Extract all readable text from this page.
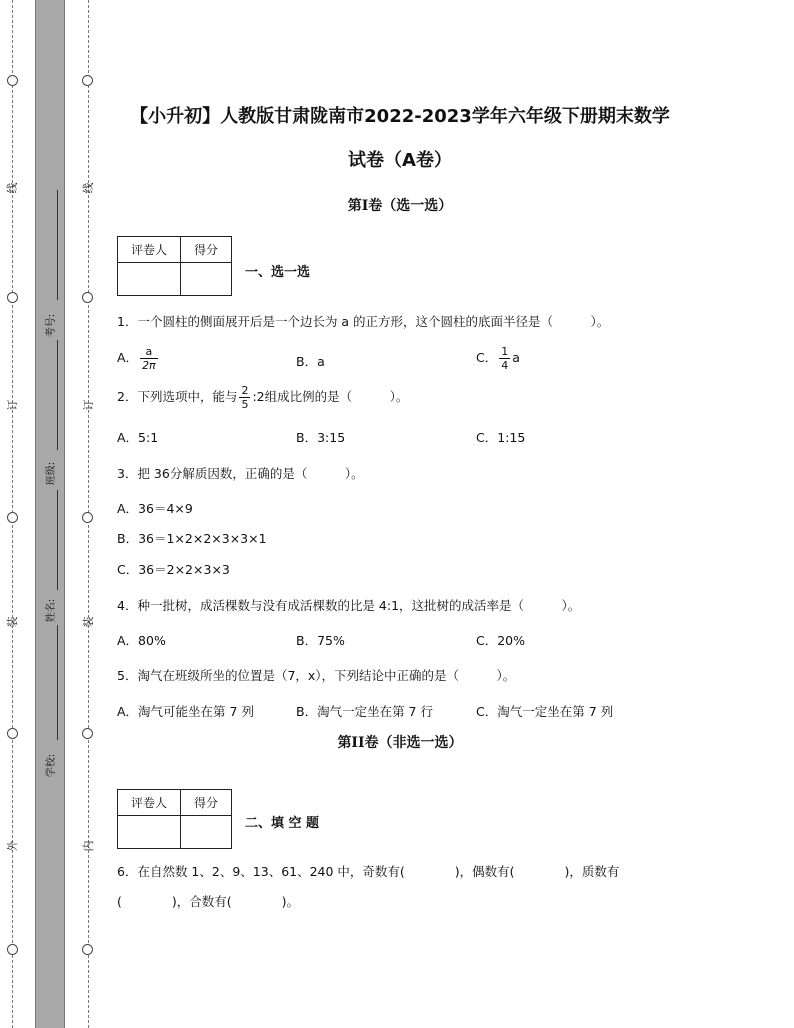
线
订
装
外
线
订
装
内
考号:
班级:
姓名:
学校:
【小升初】人教版甘肃陇南市2022-2023学年六年级下册期末数学
试卷（A卷）
第I卷（选一选）
评卷人	得分

一、选一选
1．一个圆柱的侧面展开后是一个边长为 a 的正方形，这个圆柱的底面半径是（　　　）。
A． $\frac{a}{2\pi}$	B．a	C． $\frac{1}{4}$ a
2．下列选项中，能与 $\frac{2}{5}$ :2组成比例的是（　　　）。
A．5:1	B．3:15	C．1:15
3．把 36分解质因数，正确的是（　　　）。
A．36＝4×9
B．36＝1×2×2×3×3×1
C．36＝2×2×3×3
4．种一批树，成活棵数与没有成活棵数的比是 4:1，这批树的成活率是（　　　）。
A．80%	B．75%	C．20%
5．淘气在班级所坐的位置是（7，x），下列结论中正确的是（　　　）。
A．淘气可能坐在第 7 列	B．淘气一定坐在第 7 行	C．淘气一定坐在第 7 列
第II卷（非选一选）
评卷人	得分

二、填 空 题
6．在自然数 1、2、9、13、61、240 中，奇数有(　　　　)，偶数有(　　　　)，质数有
(　　　　)，合数有(　　　　)。
